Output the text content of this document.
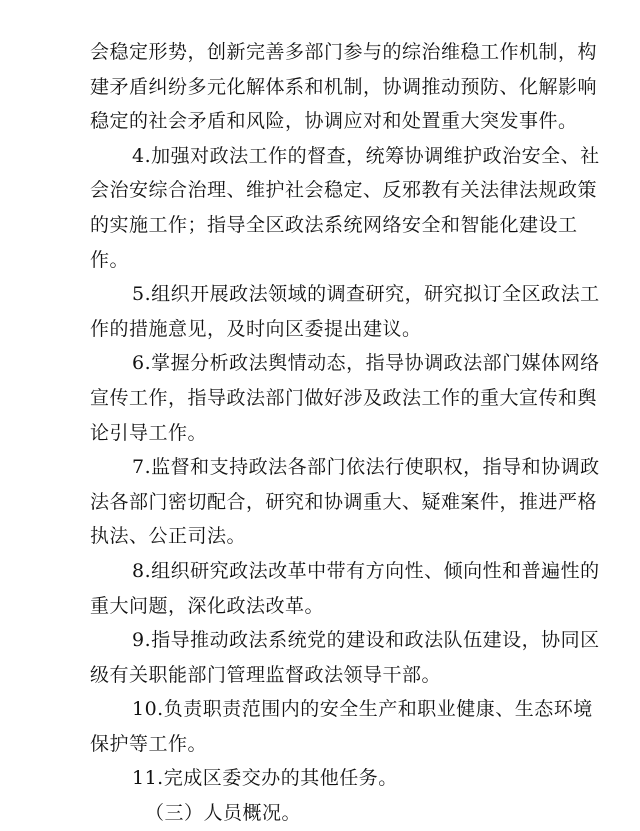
会稳定形势，创新完善多部门参与的综治维稳工作机制，构
建矛盾纠纷多元化解体系和机制，协调推动预防、化解影响
稳定的社会矛盾和风险，协调应对和处置重大突发事件。
4.加强对政法工作的督查，统筹协调维护政治安全、社
会治安综合治理、维护社会稳定、反邪教有关法律法规政策
的实施工作；指导全区政法系统网络安全和智能化建设工
作。
5.组织开展政法领域的调查研究，研究拟订全区政法工
作的措施意见，及时向区委提出建议。
6.掌握分析政法舆情动态，指导协调政法部门媒体网络
宣传工作，指导政法部门做好涉及政法工作的重大宣传和舆
论引导工作。
7.监督和支持政法各部门依法行使职权，指导和协调政
法各部门密切配合，研究和协调重大、疑难案件，推进严格
执法、公正司法。
8.组织研究政法改革中带有方向性、倾向性和普遍性的
重大问题，深化政法改革。
9.指导推动政法系统党的建设和政法队伍建设，协同区
级有关职能部门管理监督政法领导干部。
10.负责职责范围内的安全生产和职业健康、生态环境
保护等工作。
11.完成区委交办的其他任务。
（三）人员概况。
